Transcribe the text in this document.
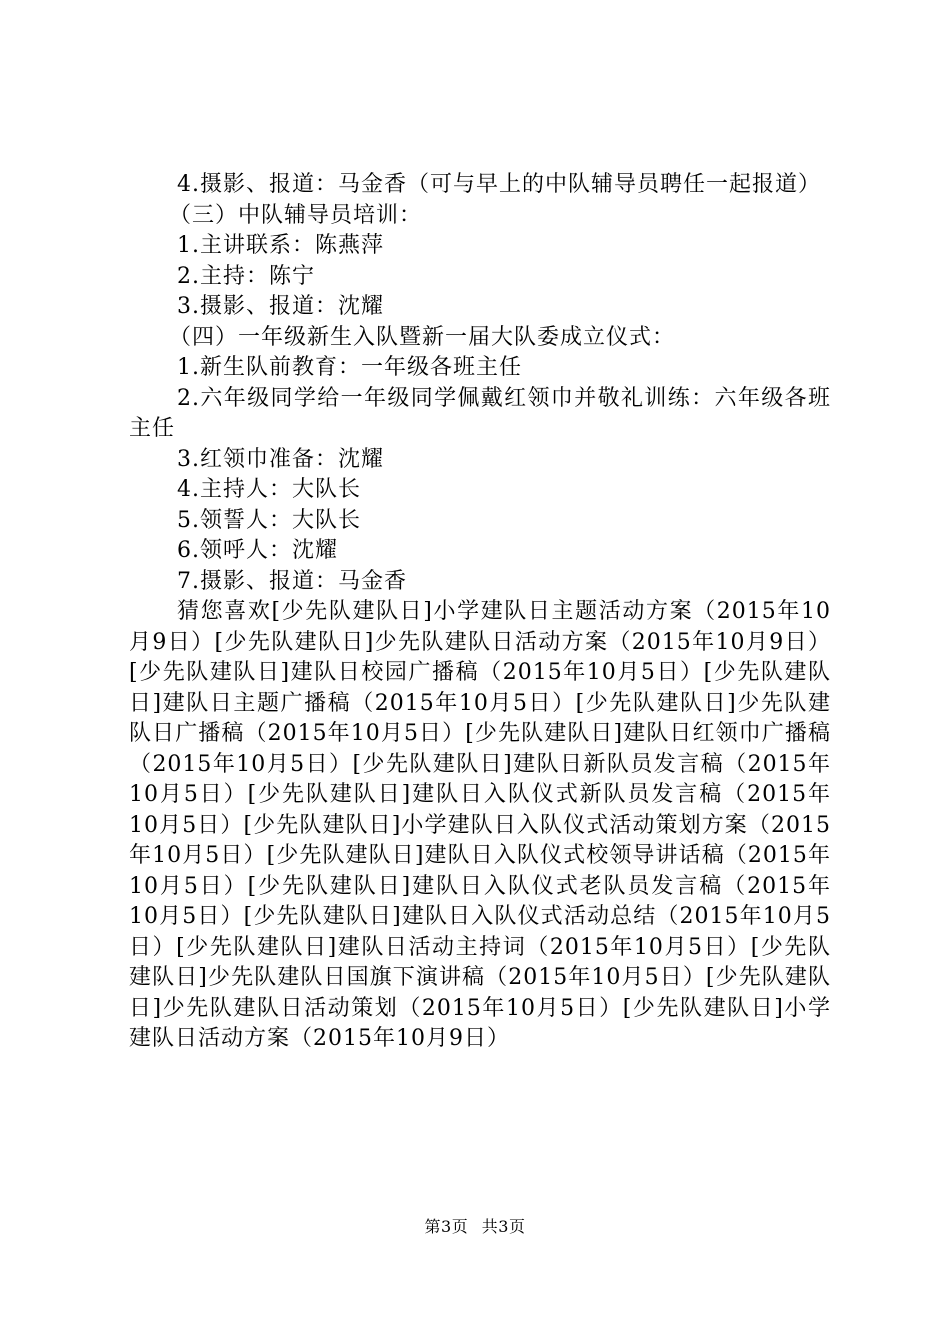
4.摄影、报道：马金香（可与早上的中队辅导员聘任一起报道）

（三）中队辅导员培训：

1.主讲联系：陈燕萍

2.主持：陈宁

3.摄影、报道：沈耀

（四）一年级新生入队暨新一届大队委成立仪式：

1.新生队前教育：一年级各班主任

2.六年级同学给一年级同学佩戴红领巾并敬礼训练：六年级各班主任

3.红领巾准备：沈耀

4.主持人：大队长

5.领誓人：大队长

6.领呼人：沈耀

7.摄影、报道：马金香

猜您喜欢[少先队建队日]小学建队日主题活动方案（2015年10月9日）[少先队建队日]少先队建队日活动方案（2015年10月9日）[少先队建队日]建队日校园广播稿（2015年10月5日）[少先队建队日]建队日主题广播稿（2015年10月5日）[少先队建队日]少先队建队日广播稿（2015年10月5日）[少先队建队日]建队日红领巾广播稿（2015年10月5日）[少先队建队日]建队日新队员发言稿（2015年10月5日）[少先队建队日]建队日入队仪式新队员发言稿（2015年10月5日）[少先队建队日]小学建队日入队仪式活动策划方案（2015年10月5日）[少先队建队日]建队日入队仪式校领导讲话稿（2015年10月5日）[少先队建队日]建队日入队仪式老队员发言稿（2015年10月5日）[少先队建队日]建队日入队仪式活动总结（2015年10月5日）[少先队建队日]建队日活动主持词（2015年10月5日）[少先队建队日]少先队建队日国旗下演讲稿（2015年10月5日）[少先队建队日]少先队建队日活动策划（2015年10月5日）[少先队建队日]小学建队日活动方案（2015年10月9日）

第3页 共3页
